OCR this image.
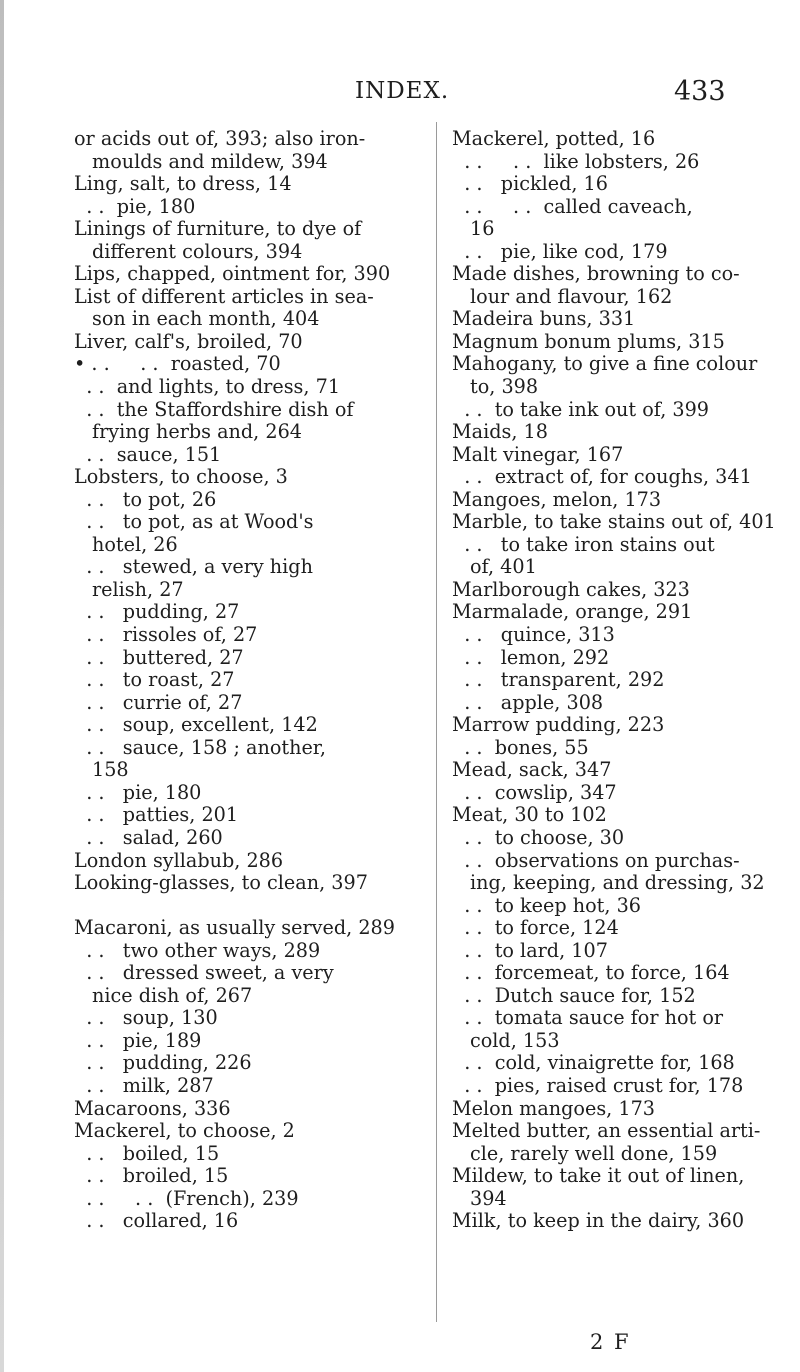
INDEX.	433
or acids out of, 393; also iron-
moulds and mildew, 394
Ling, salt, to dress, 14
. .  pie, 180
Linings of furniture, to dye of
different colours, 394
Lips, chapped, ointment for, 390
List of different articles in sea-
son in each month, 404
Liver, calf's, broiled, 70
• . .     . .  roasted, 70
. .  and lights, to dress, 71
. .  the Staffordshire dish of
frying herbs and, 264
. .  sauce, 151
Lobsters, to choose, 3
. .   to pot, 26
. .   to pot, as at Wood's
hotel, 26
. .   stewed, a very high
relish, 27
. .   pudding, 27
. .   rissoles of, 27
. .   buttered, 27
. .   to roast, 27
. .   currie of, 27
. .   soup, excellent, 142
. .   sauce, 158 ; another,
158
. .   pie, 180
. .   patties, 201
. .   salad, 260
London syllabub, 286
Looking-glasses, to clean, 397
Macaroni, as usually served, 289
. .   two other ways, 289
. .   dressed sweet, a very
nice dish of, 267
. .   soup, 130
. .   pie, 189
. .   pudding, 226
. .   milk, 287
Macaroons, 336
Mackerel, to choose, 2
. .   boiled, 15
. .   broiled, 15
. .     . .  (French), 239
. .   collared, 16
Mackerel, potted, 16
. .     . .  like lobsters, 26
. .   pickled, 16
. .     . .  called caveach,
16
. .   pie, like cod, 179
Made dishes, browning to co-
lour and flavour, 162
Madeira buns, 331
Magnum bonum plums, 315
Mahogany, to give a fine colour
to, 398
. .  to take ink out of, 399
Maids, 18
Malt vinegar, 167
. .  extract of, for coughs, 341
Mangoes, melon, 173
Marble, to take stains out of, 401
. .   to take iron stains out
of, 401
Marlborough cakes, 323
Marmalade, orange, 291
. .   quince, 313
. .   lemon, 292
. .   transparent, 292
. .   apple, 308
Marrow pudding, 223
. .  bones, 55
Mead, sack, 347
. .  cowslip, 347
Meat, 30 to 102
. .  to choose, 30
. .  observations on purchas-
ing, keeping, and dressing, 32
. .  to keep hot, 36
. .  to force, 124
. .  to lard, 107
. .  forcemeat, to force, 164
. .  Dutch sauce for, 152
. .  tomata sauce for hot or
cold, 153
. .  cold, vinaigrette for, 168
. .  pies, raised crust for, 178
Melon mangoes, 173
Melted butter, an essential arti-
cle, rarely well done, 159
Mildew, to take it out of linen,
394
Milk, to keep in the dairy, 360
2 F
